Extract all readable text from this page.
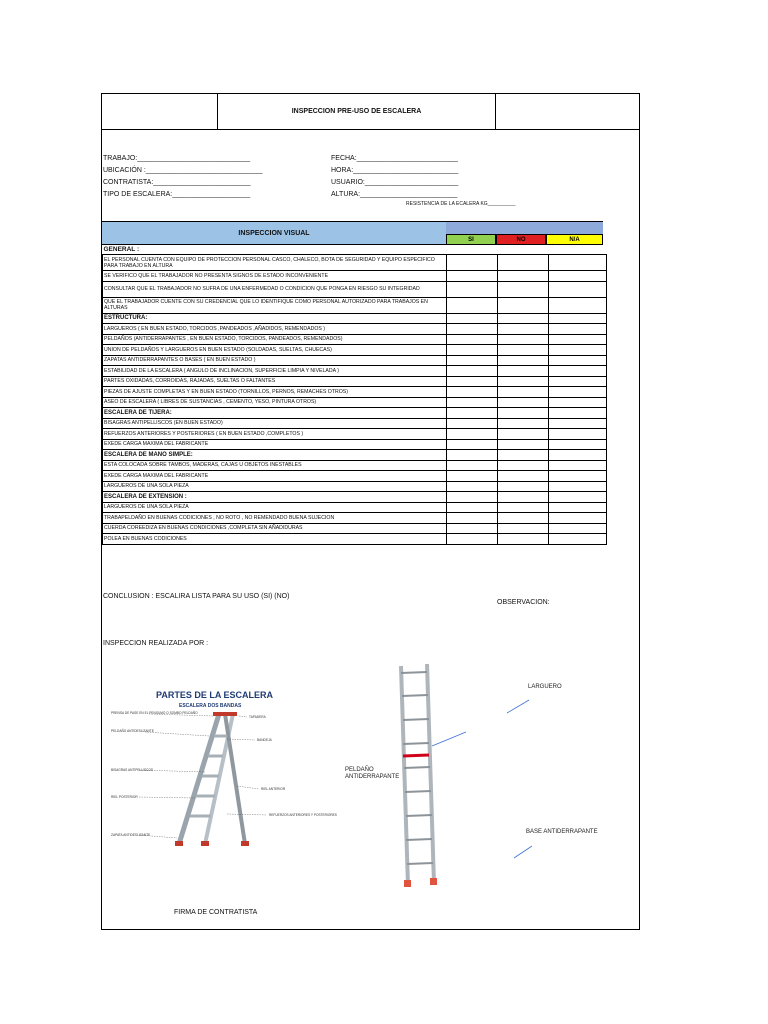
INSPECCION PRE-USO DE ESCALERA
TRABAJO:_____________________________
UBICACIÓN :______________________________
CONTRATISTA:_________________________
TIPO DE ESCALERA:____________________
FECHA:__________________________
HORA:___________________________
USUARIO:________________________
ALTURA:_________________________
RESISTENCIA DE LA ECALERA KG__________
INSPECCION VISUAL
SI	NO	N/A
GENERAL :			
EL PERSONAL CUENTA CON EQUIPO DE PROTECCION PERSONAL CASCO, CHALECO, BOTA DE SEGURIDAD Y EQUIPO ESPECIFICO PARA TRABAJO EN ALTURA			
SE VERIFICO QUE EL TRABAJADOR NO PRESENTA SIGNOS DE ESTADO INCONVENIENTE			
CONSULTAR QUE EL TRABAJADOR NO SUFRA DE UNA ENFERMEDAD O CONDICION QUE PONGA EN RIESGO SU INTEGRIDAD			
QUE EL TRABAJADOR CUENTE CON SU CREDENCIAL QUE LO IDENTIFIQUE COMO PERSONAL AUTORIZADO PARA TRABAJOS EN ALTURAS			
ESTRUCTURA:			
LARGUEROS ( EN BUEN ESTADO, TORCIDOS ,PANDEADOS ,AÑADIDOS, REMENDADOS )			
PELDAÑOS (ANTIDERRAPANTES , EN BUEN ESTADO, TORCIDOS, PANDEADOS, REMENDADOS)			
UNION DE PELDAÑOS Y LARGUEROS EN BUEN ESTADO (SOLDADAS, SUELTAS, CHUECAS)			
ZAPATAS ANTIDERRAPANTES O BASES ( EN BUEN ESTADO )			
ESTABILIDAD DE LA ESCALERA ( ANGULO DE INCLINACION, SUPERFICIE LIMPIA Y NIVELADA )			
PARTES OXIDADAS, CORROIDAS, RAJADAS, SUELTAS O FALTANTES			
PIEZAS DE AJUSTE COMPLETAS Y EN BUEN ESTADO (TORNILLOS, PERNOS, REMACHES OTROS)			
ASEO DE ESCALERA ( LIBRES DE SUSTANCIAS , CEMENTO, YESO, PINTURA OTROS)			
ESCALERA DE TIJERA:			
BISAGRAS ANTIPELLISCOS (EN BUEN ESTADO)			
REFUERZOS ANTERIORES Y POSTERIORES ( EN BUEN ESTADO ,COMPLETOS )			
EXEDE CARGA MAXIMA DEL FABRICANTE			
ESCALERA DE MANO SIMPLE:			
ESTA COLOCADA SOBRE TAMBOS, MADERAS, CAJAS U OBJETOS INESTABLES			
EXEDE CARGA MAXIMA DEL FABRICANTE			
LARGUEROS DE UNA SOLA PIEZA			
ESCALERA DE EXTENSION :			
LARGUEROS DE UNA SOLA PIEZA			
TRABAPELDAÑO EN BUENAS CODICIONES , NO ROTO , NO REMENDADO BUENA SUJECION			
CUERDA COREEDIZA EN BUENAS CONDICIONES ,COMPLETA SIN AÑADIDURAS			
POLEA EN BUENAS CODICIONES			
CONCLUSION : ESCALIRA LISTA PARA SU USO (SI) (NO)
OBSERVACION:
INSPECCION REALIZADA POR :
PARTES DE LA ESCALERA
ESCALERA DOS BANDAS
PRENSA DE PASE EN EL PENSUMO O SOMBO PELDAÑO
PELDAÑO ANTIDESLIZANTE
TAPADERA
BANDEJA
BISAGRAS ANTIPELLISCOS
RIEL ANTERIOR
RIEL POSTERIOR
REFUERZOS ANTERIORES Y POSTERIORES
ZAPATA ANTIDESLIZANTE
LARGUERO
PELDAÑO
ANTIDERRAPANTE
BASE ANTIDERRAPANTE
FIRMA DE CONTRATISTA
